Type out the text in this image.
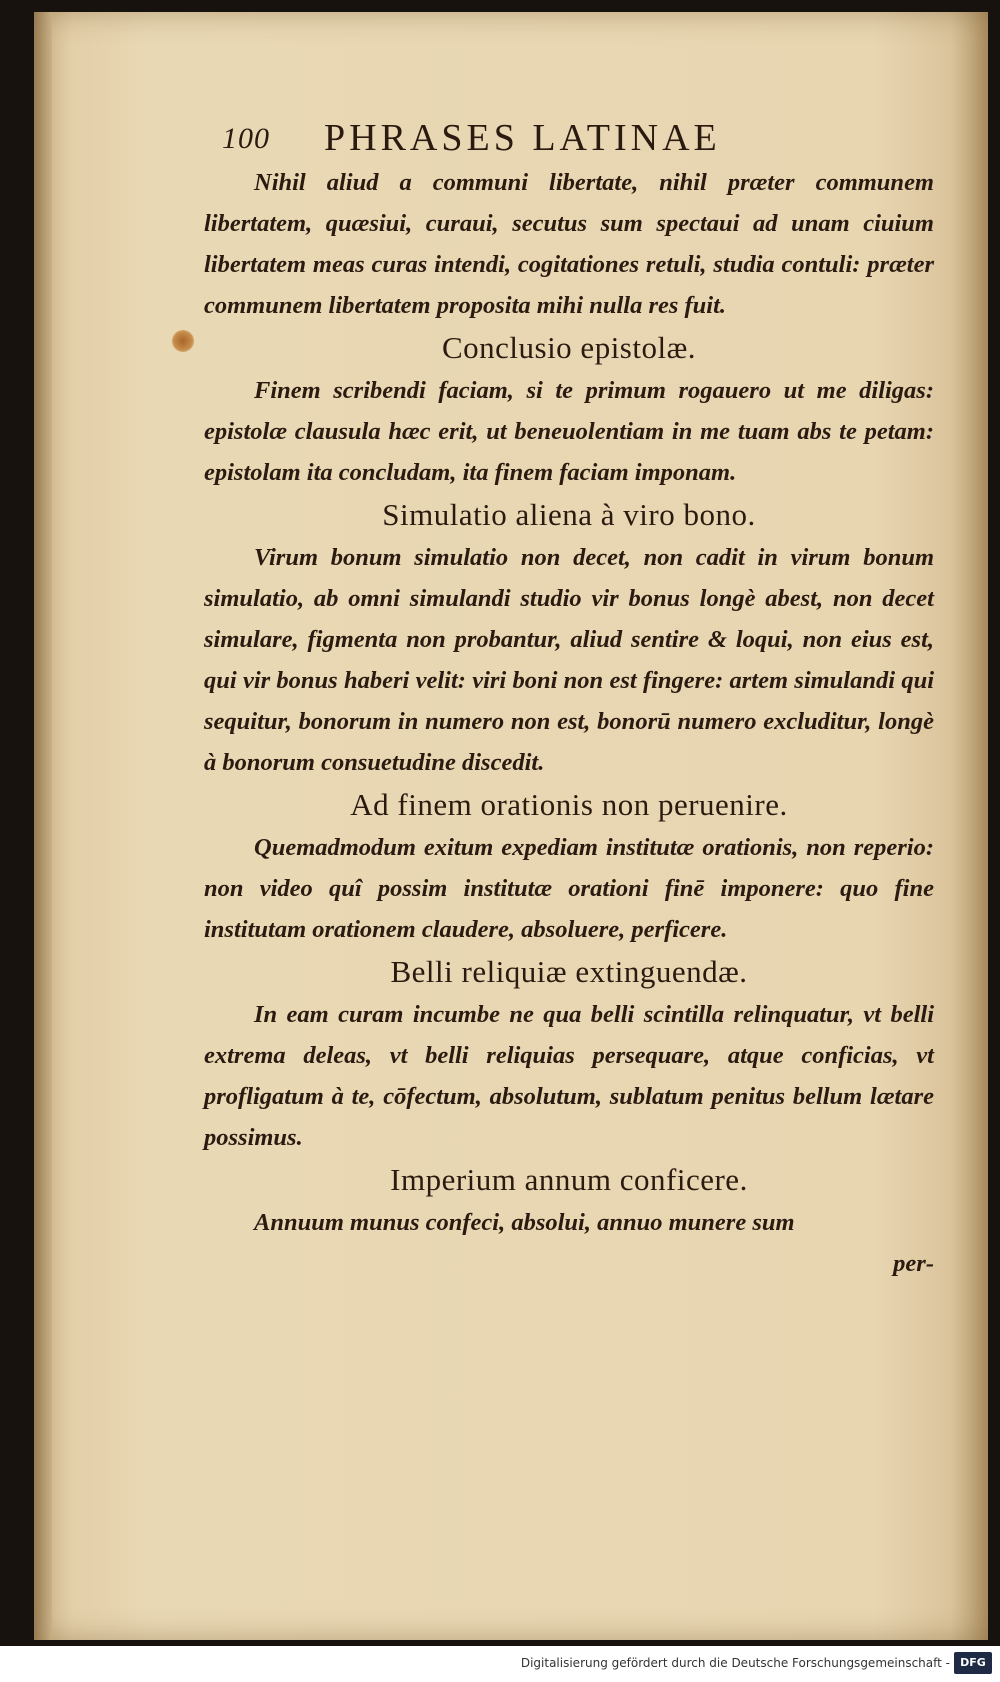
100 PHRASES LATINAE

Nihil aliud a communi libertate, nihil præter communem libertatem, quæsiui, curaui, secutus sum spectaui ad unam ciuium libertatem meas curas intendi, cogitationes retuli, studia contuli: præter communem libertatem proposita mihi nulla res fuit.

Conclusio epistolæ.

Finem scribendi faciam, si te primum rogauero ut me diligas: epistolæ clausula hæc erit, ut beneuolentiam in me tuam abs te petam: epistolam ita concludam, ita finem faciam imponam.

Simulatio aliena à viro bono.

Virum bonum simulatio non decet, non cadit in virum bonum simulatio, ab omni simulandi studio vir bonus longè abest, non decet simulare, figmenta non probantur, aliud sentire & loqui, non eius est, qui vir bonus haberi velit: viri boni non est fingere: artem simulandi qui sequitur, bonorum in numero non est, bonorū numero excluditur, longè à bonorum consuetudine discedit.

Ad finem orationis non peruenire.

Quemadmodum exitum expediam institutæ orationis, non reperio: non video quî possim institutæ orationi finē imponere: quo fine institutam orationem claudere, absoluere, perficere.

Belli reliquiæ extinguendæ.

In eam curam incumbe ne qua belli scintilla relinquatur, vt belli extrema deleas, vt belli reliquias persequare, atque conficias, vt profligatum à te, cōfectum, absolutum, sublatum penitus bellum lætare possimus.

Imperium annum conficere.

Annuum munus confeci, absolui, annuo munere sum

per-

Digitalisierung gefördert durch die Deutsche Forschungsgemeinschaft - DFG
